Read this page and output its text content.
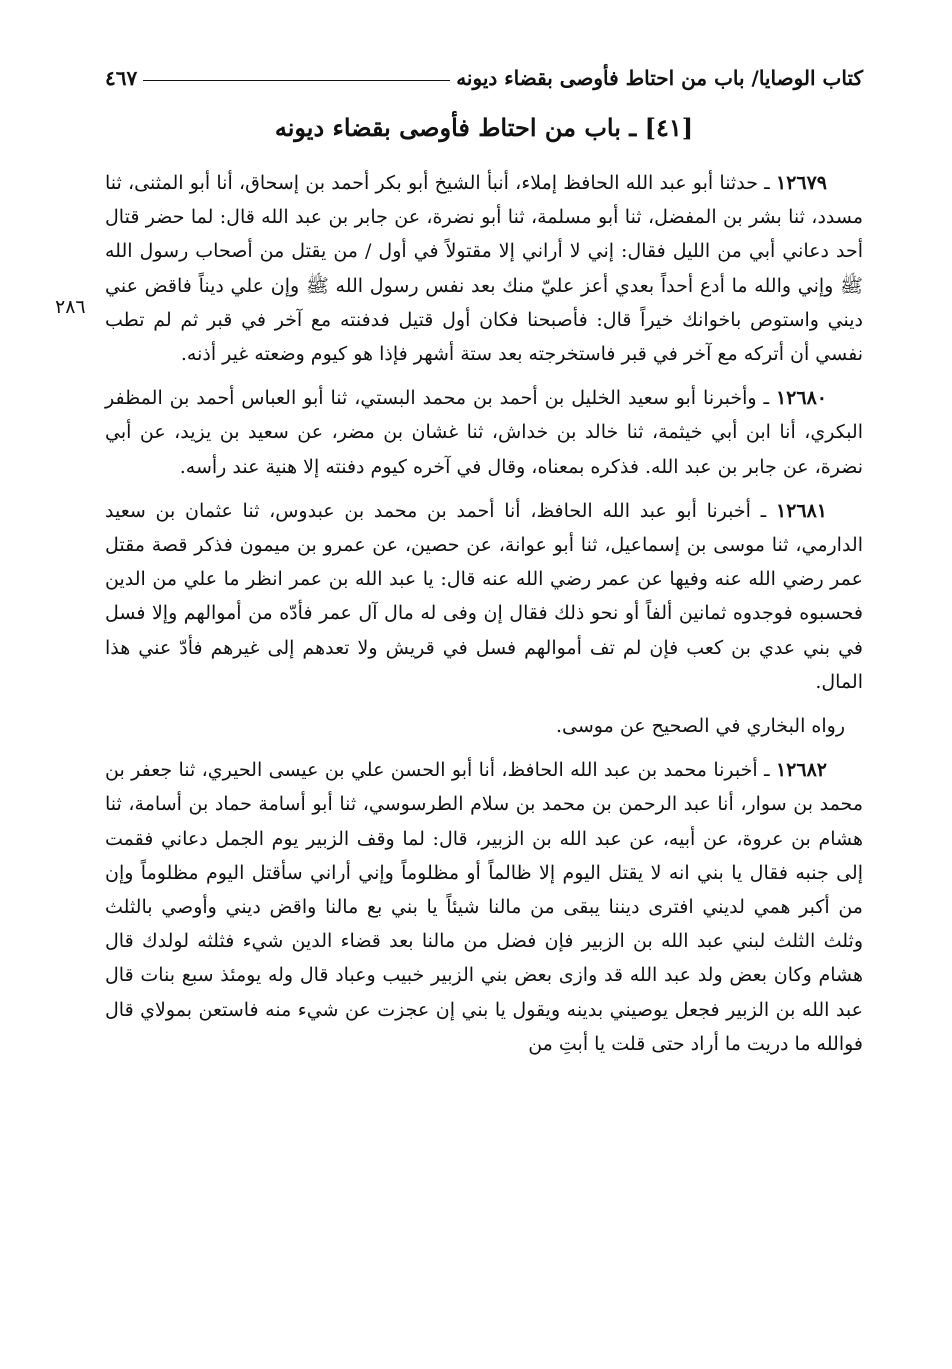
كتاب الوصايا/ باب من احتاط فأوصى بقضاء ديونه
٤٦٧
[٤١] ـ باب من احتاط فأوصى بقضاء ديونه
٢٨٦

١٢٦٧٩ ـ حدثنا أبو عبد الله الحافظ إملاء، أنبأ الشيخ أبو بكر أحمد بن إسحاق، أنا أبو المثنى، ثنا مسدد، ثنا بشر بن المفضل، ثنا أبو مسلمة، ثنا أبو نضرة، عن جابر بن عبد الله قال: لما حضر قتال أحد دعاني أبي من الليل فقال: إني لا أراني إلا مقتولاً في أول / من يقتل من أصحاب رسول الله ﷺ وإني والله ما أدع أحداً بعدي أعز عليّ منك بعد نفس رسول الله ﷺ وإن علي ديناً فاقض عني ديني واستوص باخوانك خيراً قال: فأصبحنا فكان أول قتيل فدفنته مع آخر في قبر ثم لم تطب نفسي أن أتركه مع آخر في قبر فاستخرجته بعد ستة أشهر فإذا هو كيوم وضعته غير أذنه.

١٢٦٨٠ ـ وأخبرنا أبو سعيد الخليل بن أحمد بن محمد البستي، ثنا أبو العباس أحمد بن المظفر البكري، أنا ابن أبي خيثمة، ثنا خالد بن خداش، ثنا غشان بن مضر، عن سعيد بن يزيد، عن أبي نضرة، عن جابر بن عبد الله. فذكره بمعناه، وقال في آخره كيوم دفنته إلا هنية عند رأسه.

١٢٦٨١ ـ أخبرنا أبو عبد الله الحافظ، أنا أحمد بن محمد بن عبدوس، ثنا عثمان بن سعيد الدارمي، ثنا موسى بن إسماعيل، ثنا أبو عوانة، عن حصين، عن عمرو بن ميمون فذكر قصة مقتل عمر رضي الله عنه وفيها عن عمر رضي الله عنه قال: يا عبد الله بن عمر انظر ما علي من الدين فحسبوه فوجدوه ثمانين ألفاً أو نحو ذلك فقال إن وفى له مال آل عمر فأدّه من أموالهم وإلا فسل في بني عدي بن كعب فإن لم تف أموالهم فسل في قريش ولا تعدهم إلى غيرهم فأدّ عني هذا المال.

رواه البخاري في الصحيح عن موسى.

١٢٦٨٢ ـ أخبرنا محمد بن عبد الله الحافظ، أنا أبو الحسن علي بن عيسى الحيري، ثنا جعفر بن محمد بن سوار، أنا عبد الرحمن بن محمد بن سلام الطرسوسي، ثنا أبو أسامة حماد بن أسامة، ثنا هشام بن عروة، عن أبيه، عن عبد الله بن الزبير، قال: لما وقف الزبير يوم الجمل دعاني فقمت إلى جنبه فقال يا بني انه لا يقتل اليوم إلا ظالماً أو مظلوماً وإني أراني سأقتل اليوم مظلوماً وإن من أكبر همي لديني افترى ديننا يبقى من مالنا شيئاً يا بني بع مالنا واقض ديني وأوصي بالثلث وثلث الثلث لبني عبد الله بن الزبير فإن فضل من مالنا بعد قضاء الدين شيء فثلثه لولدك قال هشام وكان بعض ولد عبد الله قد وازى بعض بني الزبير خبيب وعباد قال وله يومئذ سبع بنات قال عبد الله بن الزبير فجعل يوصيني بدينه ويقول يا بني إن عجزت عن شيء منه فاستعن بمولاي قال فوالله ما دريت ما أراد حتى قلت يا أبتِ من
